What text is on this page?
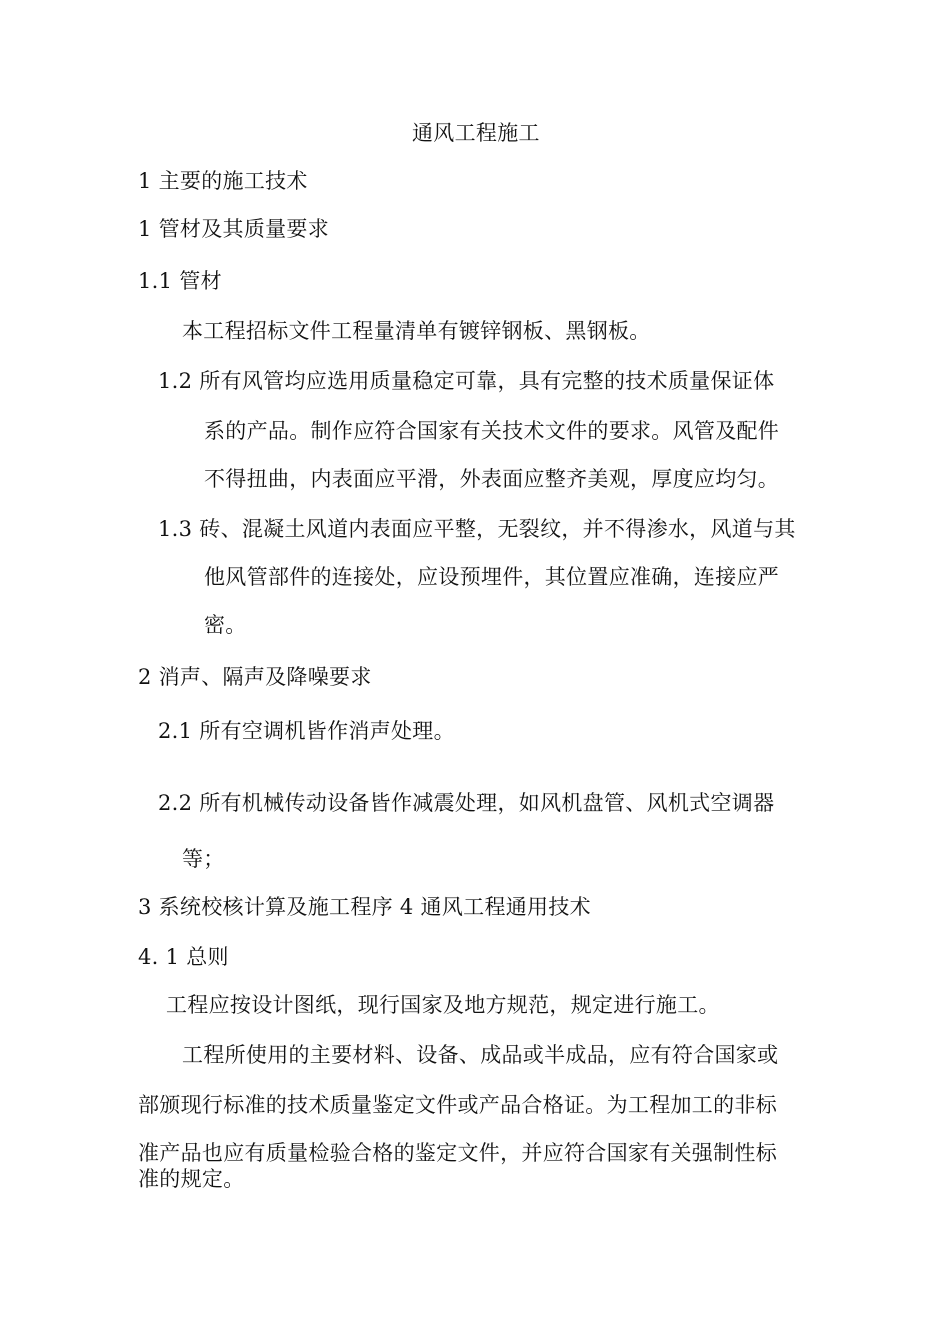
通风工程施工
1 主要的施工技术
1 管材及其质量要求
1.1 管材
本工程招标文件工程量清单有镀锌钢板、黑钢板。
1.2 所有风管均应选用质量稳定可靠，具有完整的技术质量保证体
系的产品。制作应符合国家有关技术文件的要求。风管及配件
不得扭曲，内表面应平滑，外表面应整齐美观，厚度应均匀。
1.3 砖、混凝土风道内表面应平整，无裂纹，并不得渗水，风道与其
他风管部件的连接处，应设预埋件，其位置应准确，连接应严
密。
2 消声、隔声及降噪要求
2.1 所有空调机皆作消声处理。
2.2 所有机械传动设备皆作减震处理，如风机盘管、风机式空调器
等；
3 系统校核计算及施工程序 4 通风工程通用技术
4. 1 总则
工程应按设计图纸，现行国家及地方规范，规定进行施工。
工程所使用的主要材料、设备、成品或半成品，应有符合国家或
部颁现行标准的技术质量鉴定文件或产品合格证。为工程加工的非标
准产品也应有质量检验合格的鉴定文件，并应符合国家有关强制性标
准的规定。
